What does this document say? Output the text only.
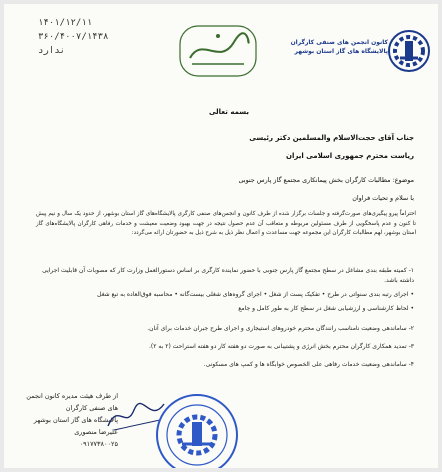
۱۴۰۱/۱۲/۱۱
۳۶۰/۴۰۰۷/۱۴۳۸
ندارد
کانون انجمن های صنفی کارگران پالایشگاه های گاز استان بوشهر
بسمه تعالی
جناب آقای حجت‌الاسلام والمسلمین دکتر رئیسی
ریاست محترم جمهوری اسلامی ایران
موضوع: مطالبات کارگران بخش پیمانکاری مجتمع گاز پارس جنوبی
با سلام و تحیات فراوان
احتراماً پیرو پیگیری‌های صورت‌گرفته و جلسات برگزار شده از طرف کانون و انجمن‌های صنفی کارگری پالایشگاه‌های گاز استان بوشهر، از حدود یک سال و نیم پیش تا کنون و عدم پاسخگویی از طرف مسئولین مربوطه و متعاقب آن عدم حصول نتیجه در جهت بهبود وضعیت معیشت و خدمات رفاهی کارگران پالایشگاه‌های گاز استان بوشهر، لهم مطالبات کارگران این مجموعه جهت مساعدت و اعمال نظر ذیل به شرح ذیل به حضورتان ارائه می‌گردد:
۱- کمیته طبقه بندی مشاغل در سطح مجتمع گاز پارس جنوبی با حضور نماینده کارگری بر اساس دستورالعمل وزارت کار که مصوبات آن قابلیت اجرایی داشته باشد.
• اجرای رتبه بندی سنواتی در طرح • تفکیک پست از شغل • اجرای گروه‌های شغلی بیست‌گانه • محاسبه فوق‌العاده به تبع شغل
• لحاظ کارشناسی و ارزشیابی شغل در سطح کار به طور کامل و جامع
۲- ساماندهی وضعیت نامناسب رانندگان محترم خودروهای استیجاری و اجرای طرح جبران خدمات برای آنان.
۳- تمدید همکاری کارگران محترم بخش انرژی و پشتیبانی به صورت دو هفته کار دو هفته استراحت (۲ به ۲).
۴- ساماندهی وضعیت خدمات رفاهی علی الخصوص خوابگاه ها و کمپ های مسکونی.
از طرف هیئت مدیره کانون انجمن های صنفی کارگران
پالایشگاه های گاز استان بوشهر
علیرضا منصوری
۰۹۱۷۷۳۸۰۰۲۵
